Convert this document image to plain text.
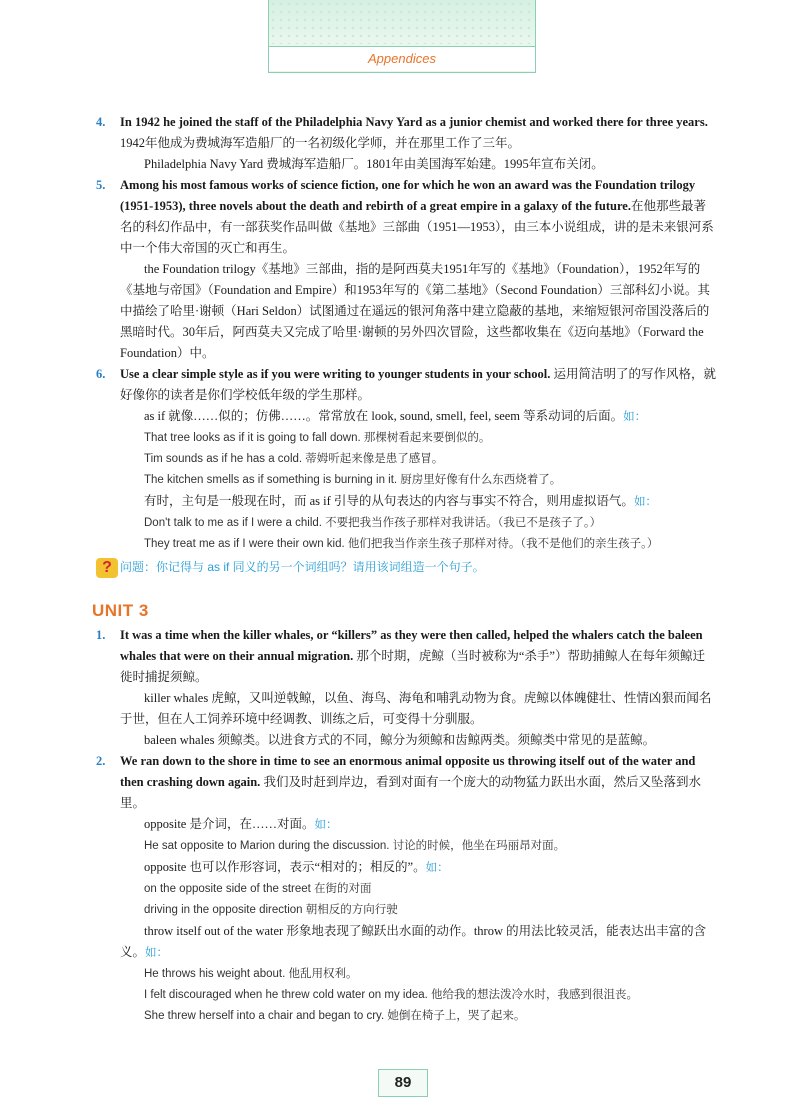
Appendices
4. In 1942 he joined the staff of the Philadelphia Navy Yard as a junior chemist and worked there for three years. 1942年他成为费城海军造船厂的一名初级化学师，并在那里工作了三年。

Philadelphia Navy Yard 费城海军造船厂。1801年由美国海军始建。1995年宣布关闭。

5. Among his most famous works of science fiction, one for which he won an award was the Foundation trilogy (1951-1953), three novels about the death and rebirth of a great empire in a galaxy of the future.在他那些最著名的科幻作品中，有一部获奖作品叫做《基地》三部曲（1951—1953），由三本小说组成，讲的是未来银河系中一个伟大帝国的灭亡和再生。

the Foundation trilogy《基地》三部曲，指的是阿西莫夫1951年写的《基地》（Foundation），1952年写的《基地与帝国》（Foundation and Empire）和1953年写的《第二基地》（Second Foundation）三部科幻小说。其中描绘了哈里·谢顿（Hari Seldon）试图通过在遥远的银河角落中建立隐蔽的基地，来缩短银河帝国没落后的黑暗时代。30年后，阿西莫夫又完成了哈里·谢顿的另外四次冒险，这些都收集在《迈向基地》（Forward the Foundation）中。

6. Use a clear simple style as if you were writing to younger students in your school. 运用简洁明了的写作风格，就好像你的读者是你们学校低年级的学生那样。

as if 就像……似的；仿佛……。常常放在 look, sound, smell, feel, seem 等系动词的后面。如：

That tree looks as if it is going to fall down. 那棵树看起来要倒似的。

Tim sounds as if he has a cold. 蒂姆听起来像是患了感冒。

The kitchen smells as if something is burning in it. 厨房里好像有什么东西烧着了。

有时，主句是一般现在时，而 as if 引导的从句表达的内容与事实不符合，则用虚拟语气。如：

Don't talk to me as if I were a child. 不要把我当作孩子那样对我讲话。（我已不是孩子了。）

They treat me as if I were their own kid. 他们把我当作亲生孩子那样对待。（我不是他们的亲生孩子。）

? 问题：你记得与 as if 同义的另一个词组吗？请用该词组造一个句子。
UNIT 3
1. It was a time when the killer whales, or “killers” as they were then called, helped the whalers catch the baleen whales that were on their annual migration. 那个时期，虎鲸（当时被称为“杀手”）帮助捕鲸人在每年须鲸迁徙时捕捉须鲸。

killer whales 虎鲸，又叫逆戟鲸，以鱼、海鸟、海龟和哺乳动物为食。虎鲸以体魄健壮、性情凶狠而闻名于世，但在人工饲养环境中经调教、训练之后，可变得十分驯服。

baleen whales 须鲸类。以进食方式的不同，鲸分为须鲸和齿鲸两类。须鲸类中常见的是蓝鲸。

2. We ran down to the shore in time to see an enormous animal opposite us throwing itself out of the water and then crashing down again. 我们及时赶到岸边，看到对面有一个庞大的动物猛力跃出水面，然后又坠落到水里。

opposite 是介词，在……对面。如：

He sat opposite to Marion during the discussion. 讨论的时候，他坐在玛丽昂对面。

opposite 也可以作形容词，表示“相对的；相反的”。如：

on the opposite side of the street 在街的对面

driving in the opposite direction 朝相反的方向行驶

throw itself out of the water 形象地表现了鲸跃出水面的动作。throw 的用法比较灵活，能表达出丰富的含义。如：

He throws his weight about. 他乱用权利。

I felt discouraged when he threw cold water on my idea. 他给我的想法泼冷水时，我感到很沮丧。

She threw herself into a chair and began to cry. 她倒在椅子上，哭了起来。

89
